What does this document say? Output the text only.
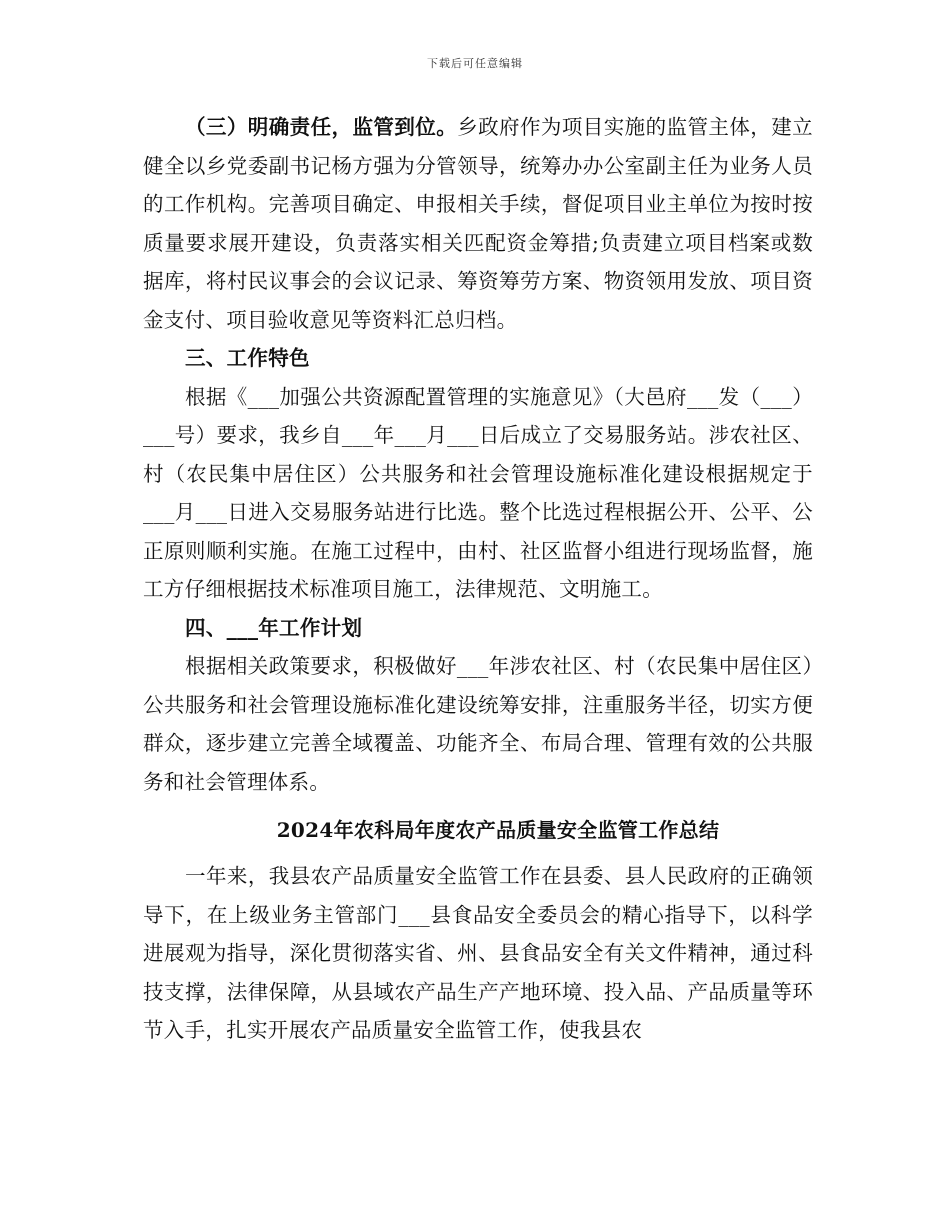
下载后可任意编辑

（三）明确责任，监管到位。乡政府作为项目实施的监管主体，建立健全以乡党委副书记杨方强为分管领导，统筹办办公室副主任为业务人员的工作机构。完善项目确定、申报相关手续，督促项目业主单位为按时按质量要求展开建设，负责落实相关匹配资金筹措;负责建立项目档案或数据库，将村民议事会的会议记录、筹资筹劳方案、物资领用发放、项目资金支付、项目验收意见等资料汇总归档。

三、工作特色

根据《___加强公共资源配置管理的实施意见》（大邑府___发（___）___号）要求，我乡自___年___月___日后成立了交易服务站。涉农社区、村（农民集中居住区）公共服务和社会管理设施标准化建设根据规定于___月___日进入交易服务站进行比选。整个比选过程根据公开、公平、公正原则顺利实施。在施工过程中，由村、社区监督小组进行现场监督，施工方仔细根据技术标准项目施工，法律规范、文明施工。

四、___年工作计划

根据相关政策要求，积极做好___年涉农社区、村（农民集中居住区）公共服务和社会管理设施标准化建设统筹安排，注重服务半径，切实方便群众，逐步建立完善全域覆盖、功能齐全、布局合理、管理有效的公共服务和社会管理体系。

2024年农科局年度农产品质量安全监管工作总结

一年来，我县农产品质量安全监管工作在县委、县人民政府的正确领导下，在上级业务主管部门___县食品安全委员会的精心指导下，以科学进展观为指导，深化贯彻落实省、州、县食品安全有关文件精神，通过科技支撑，法律保障，从县域农产品生产产地环境、投入品、产品质量等环节入手，扎实开展农产品质量安全监管工作，使我县农
